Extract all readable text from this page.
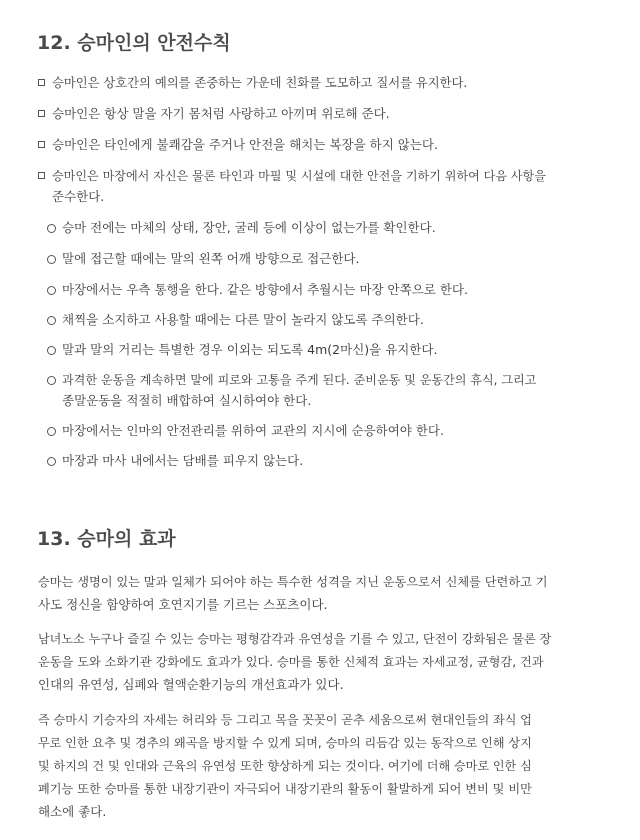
12. 승마인의 안전수칙
승마인은 상호간의 예의를 존중하는 가운데 친화를 도모하고 질서를 유지한다.
승마인은 항상 말을 자기 몸처럼 사랑하고 아끼며 위로해 준다.
승마인은 타인에게 불쾌감을 주거나 안전을 해치는 복장을 하지 않는다.
승마인은 마장에서 자신은 물론 타인과 마필 및 시설에 대한 안전을 기하기 위하여 다음 사항을
준수한다.
승마 전에는 마체의 상태, 장안, 굴레 등에 이상이 없는가를 확인한다.
말에 접근할 때에는 말의 왼쪽 어깨 방향으로 접근한다.
마장에서는 우측 통행을 한다. 같은 방향에서 추월시는 마장 안쪽으로 한다.
채찍을 소지하고 사용할 때에는 다른 말이 놀라지 않도록 주의한다.
말과 말의 거리는 특별한 경우 이외는 되도록 4m(2마신)을 유지한다.
과격한 운동을 계속하면 말에 피로와 고통을 주게 된다. 준비운동 및 운동간의 휴식, 그리고
종말운동을 적절히 배합하여 실시하여야 한다.
마장에서는 인마의 안전관리를 위하여 교관의 지시에 순응하여야 한다.
마장과 마사 내에서는 담배를 피우지 않는다.
13. 승마의 효과
승마는 생명이 있는 말과 일체가 되어야 하는 특수한 성격을 지닌 운동으로서 신체를 단련하고 기
사도 정신을 함양하여 호연지기를 기르는 스포츠이다.
남녀노소 누구나 즐길 수 있는 승마는 평형감각과 유연성을 기를 수 있고, 단전이 강화됨은 물론 장
운동을 도와 소화기관 강화에도 효과가 있다. 승마를 통한 신체적 효과는 자세교정, 균형감, 건과
인대의 유연성, 심폐와 혈액순환기능의 개선효과가 있다.
즉 승마시 기승자의 자세는 허리와 등 그리고 목을 꼿꼿이 곧추 세움으로써 현대인들의 좌식 업
무로 인한 요추 및 경추의 왜곡을 방지할 수 있게 되며, 승마의 리듬감 있는 동작으로 인해 상지
및 하지의 건 및 인대와 근육의 유연성 또한 향상하게 되는 것이다. 여기에 더해 승마로 인한 심
폐기능 또한 승마를 통한 내장기관이 자극되어 내장기관의 활동이 활발하게 되어 변비 및 비만
해소에 좋다.
